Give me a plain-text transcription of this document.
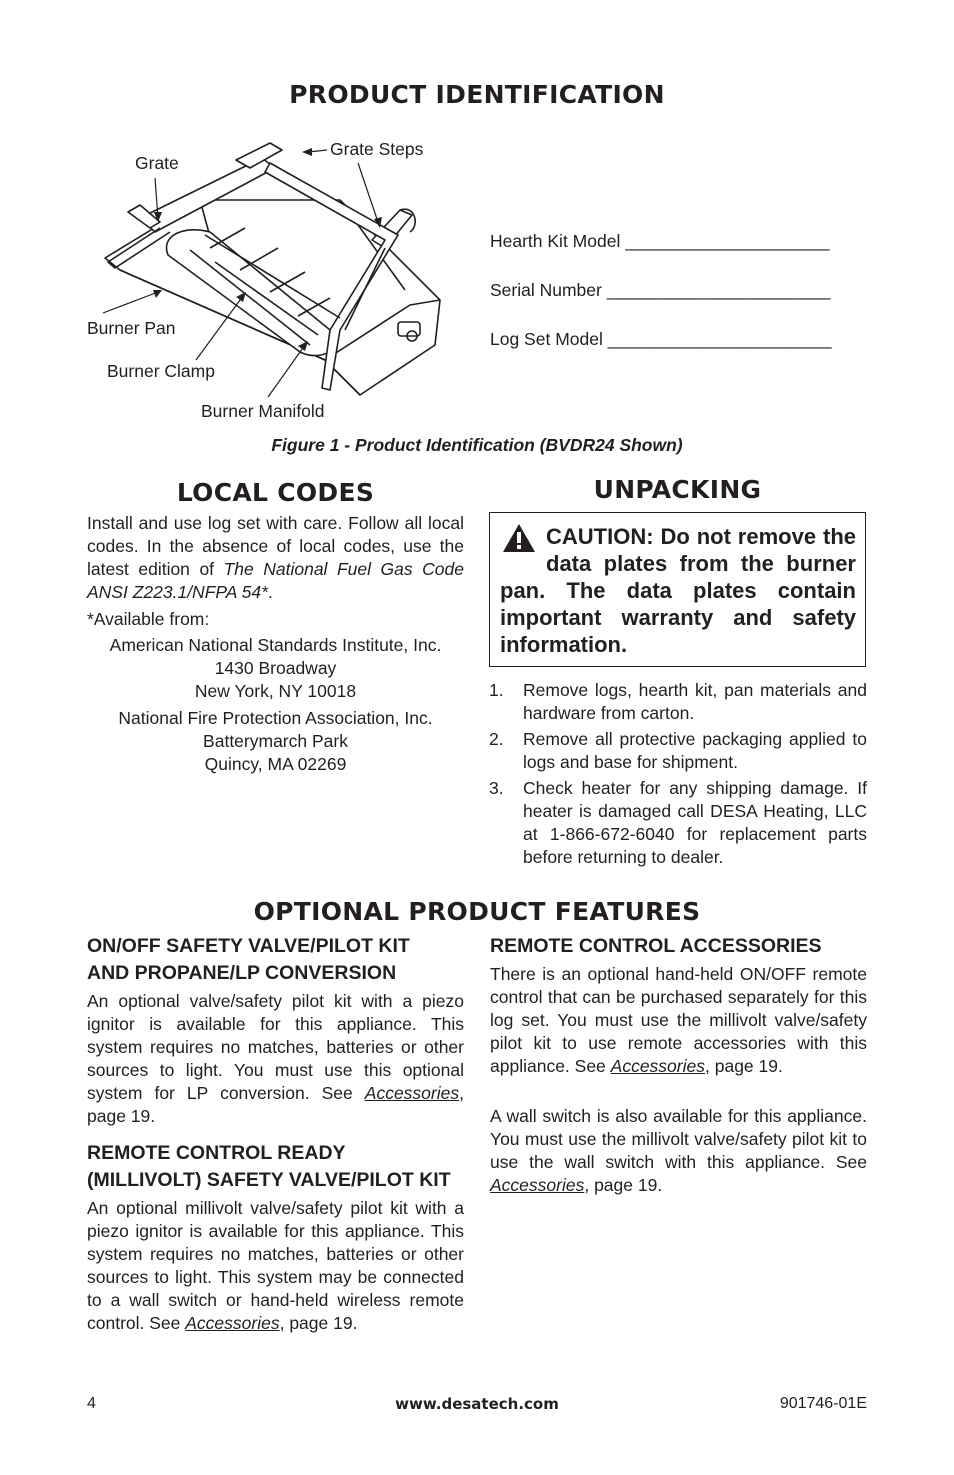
PRODUCT IDENTIFICATION
Grate
Grate Steps
Burner Pan
Burner Clamp
Burner Manifold
Hearth Kit Model _____________________
Serial Number _______________________
Log Set Model _______________________
Figure 1 - Product Identification (BVDR24 Shown)
LOCAL CODES

Install and use log set with care. Follow all local codes. In the absence of local codes, use the latest edition of The National Fuel Gas Code ANSI Z223.1/NFPA 54*.

*Available from:

American National Standards Institute, Inc.
1430 Broadway
New York, NY 10018
National Fire Protection Association, Inc.
Batterymarch Park
Quincy, MA 02269
UNPACKING
CAUTION: Do not remove the data plates from the burner pan. The data plates contain important warranty and safety information.
1. Remove logs, hearth kit, pan materials and hardware from carton.
2. Remove all protective packaging applied to logs and base for shipment.
3. Check heater for any shipping damage. If heater is damaged call DESA Heating, LLC at 1-866-672-6040 for replacement parts before returning to dealer.
OPTIONAL PRODUCT FEATURES
ON/OFF SAFETY VALVE/PILOT KIT
AND PROPANE/LP CONVERSION

An optional valve/safety pilot kit with a piezo ignitor is available for this appliance. This system requires no matches, batteries or other sources to light. You must use this optional system for LP conversion. See Accessories, page 19.

REMOTE CONTROL READY
(MILLIVOLT) SAFETY VALVE/PILOT KIT

An optional millivolt valve/safety pilot kit with a piezo ignitor is available for this appliance. This system requires no matches, batteries or other sources to light. This system may be connected to a wall switch or hand-held wireless remote control. See Accessories, page 19.

REMOTE CONTROL ACCESSORIES

There is an optional hand-held ON/OFF remote control that can be purchased separately for this log set. You must use the millivolt valve/safety pilot kit to use remote accessories with this appliance. See Accessories, page 19.

A wall switch is also available for this appliance. You must use the millivolt valve/safety pilot kit to use the wall switch with this appliance. See Accessories, page 19.

4	www.desatech.com	901746-01E
